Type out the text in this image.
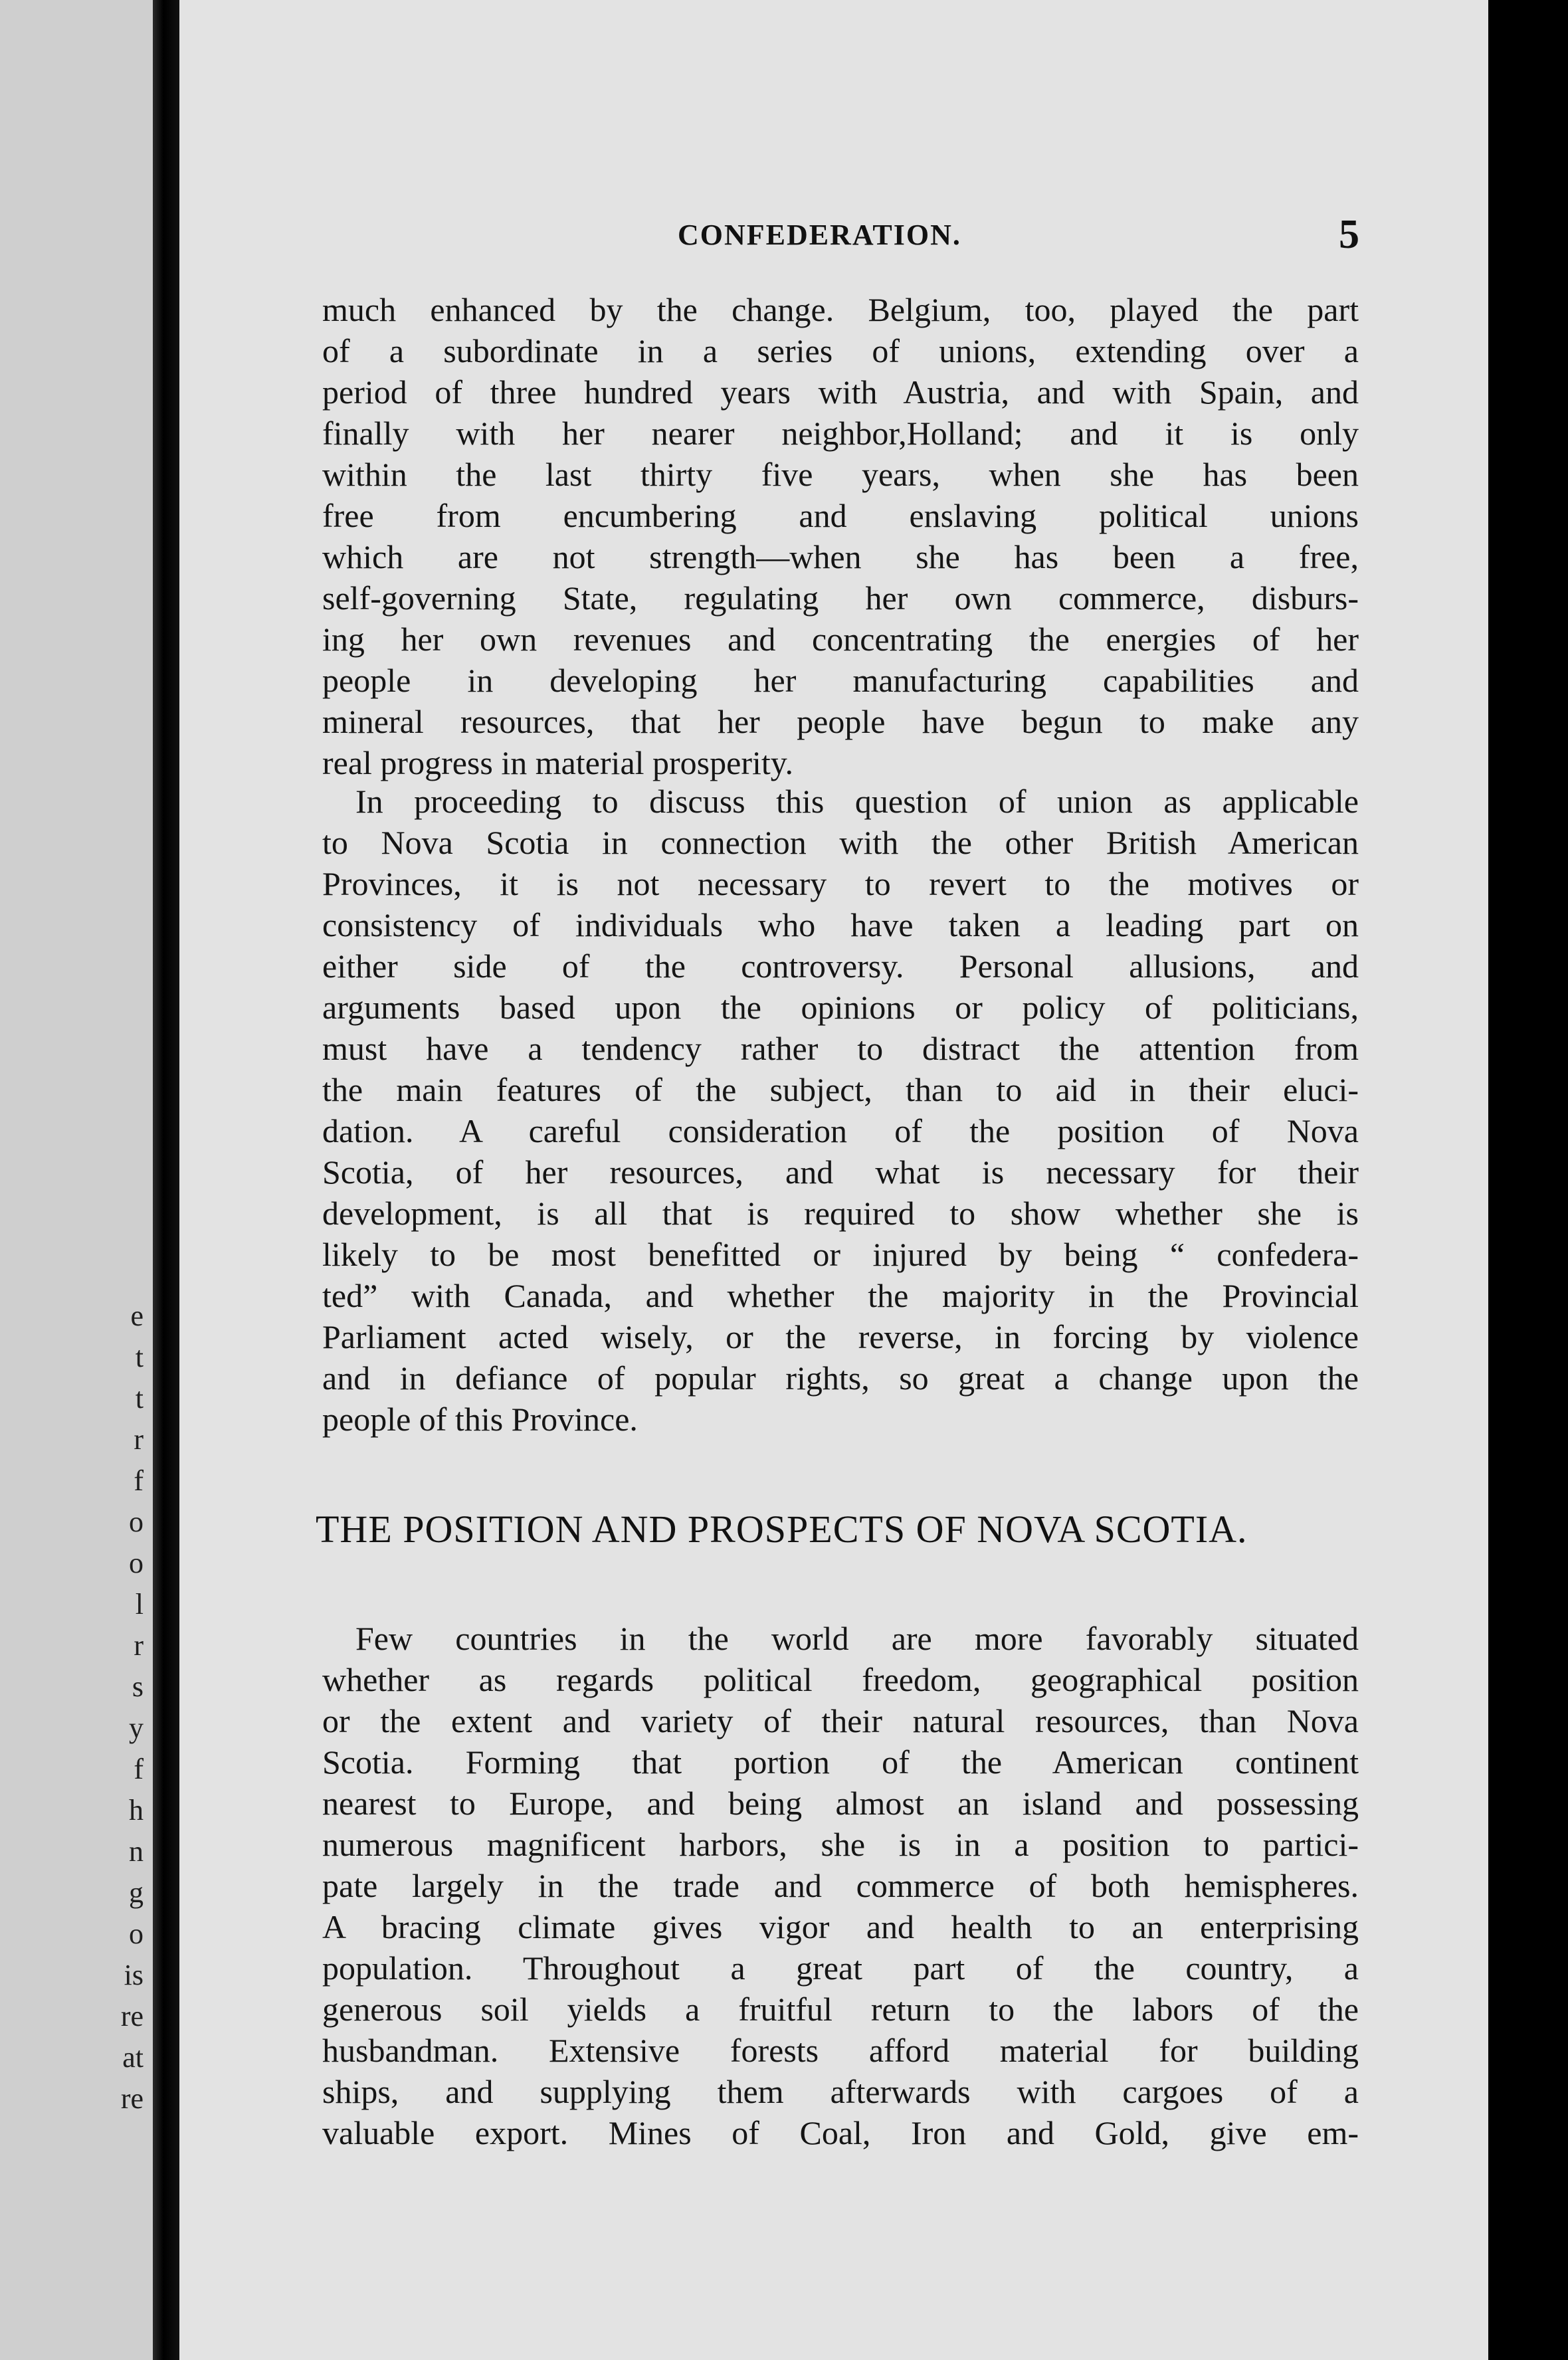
e
t
t
r
f
o
o
l
r
s
y
f
h
n
g
o
is
re
at
re
CONFEDERATION.	5
much enhanced by the change. Belgium, too, played the part
of a subordinate in a series of unions, extending over a
period of three hundred years with Austria, and with Spain, and
finally with her nearer neighbor,Holland; and it is only
within the last thirty five years, when she has been
free from encumbering and enslaving political unions
which are not strength—when she has been a free,
self-governing State, regulating her own commerce, disburs-
ing her own revenues and concentrating the energies of her
people in developing her manufacturing capabilities and
mineral resources, that her people have begun to make any
real progress in material prosperity.
In proceeding to discuss this question of union as applicable
to Nova Scotia in connection with the other British American
Provinces, it is not necessary to revert to the motives or
consistency of individuals who have taken a leading part on
either side of the controversy. Personal allusions, and
arguments based upon the opinions or policy of politicians,
must have a tendency rather to distract the attention from
the main features of the subject, than to aid in their eluci-
dation. A careful consideration of the position of Nova
Scotia, of her resources, and what is necessary for their
development, is all that is required to show whether she is
likely to be most benefitted or injured by being “ confedera-
ted” with Canada, and whether the majority in the Provincial
Parliament acted wisely, or the reverse, in forcing by violence
and in defiance of popular rights, so great a change upon the
people of this Province.
THE POSITION AND PROSPECTS OF NOVA SCOTIA.
Few countries in the world are more favorably situated
whether as regards political freedom, geographical position
or the extent and variety of their natural resources, than Nova
Scotia. Forming that portion of the American continent
nearest to Europe, and being almost an island and possessing
numerous magnificent harbors, she is in a position to partici-
pate largely in the trade and commerce of both hemispheres.
A bracing climate gives vigor and health to an enterprising
population. Throughout a great part of the country, a
generous soil yields a fruitful return to the labors of the
husbandman. Extensive forests afford material for building
ships, and supplying them afterwards with cargoes of a
valuable export. Mines of Coal, Iron and Gold, give em-
